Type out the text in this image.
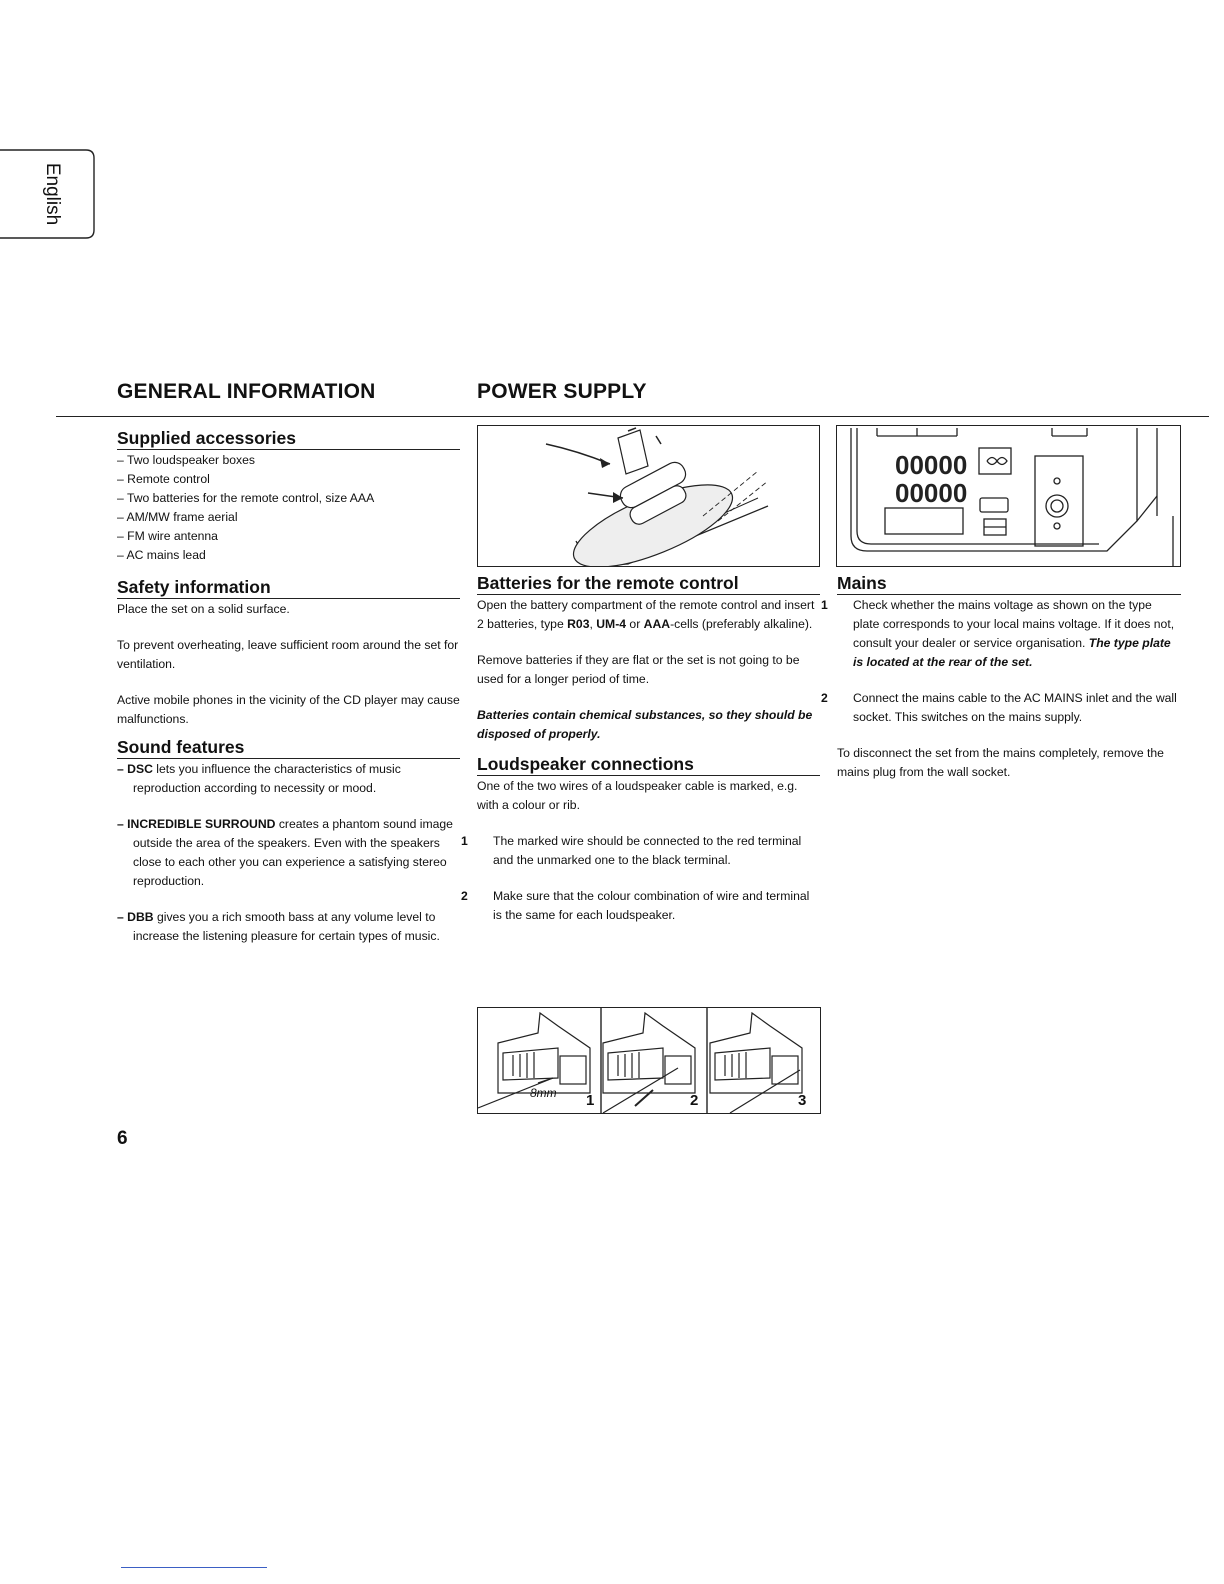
English
GENERAL INFORMATION	POWER SUPPLY
Supplied accessories
– Two loudspeaker boxes
– Remote control
– Two batteries for the remote control, size AAA
– AM/MW frame aerial
– FM wire antenna
– AC mains lead
Safety information

Place the set on a solid surface.

To prevent overheating, leave sufficient room around the set for ventilation.

Active mobile phones in the vicinity of the CD player may cause malfunctions.

Sound features

– DSC lets you influence the characteristics of music reproduction according to necessity or mood.

– INCREDIBLE SURROUND creates a phantom sound image outside the area of the speakers. Even with the speakers close to each other you can experience a satisfying stereo reproduction.

– DBB gives you a rich smooth bass at any volume level to increase the listening pleasure for certain types of music.

Batteries for the remote control

Open the battery compartment of the remote control and insert 2 batteries, type R03, UM-4 or AAA-cells (preferably alkaline).

Remove batteries if they are flat or the set is not going to be used for a longer period of time.

Batteries contain chemical substances, so they should be disposed of properly.

Loudspeaker connections

One of the two wires of a loudspeaker cable is marked, e.g. with a colour or rib.

1 The marked wire should be connected to the red terminal and the unmarked one to the black terminal.

2 Make sure that the colour combination of wire and terminal is the same for each loudspeaker.

8mm 1	2	3
00000
00000
Mains

1 Check whether the mains voltage as shown on the type plate corresponds to your local mains voltage. If it does not, consult your dealer or service organisation. The type plate is located at the rear of the set.

2 Connect the mains cable to the AC MAINS inlet and the wall socket. This switches on the mains supply.

To disconnect the set from the mains completely, remove the mains plug from the wall socket.

6
